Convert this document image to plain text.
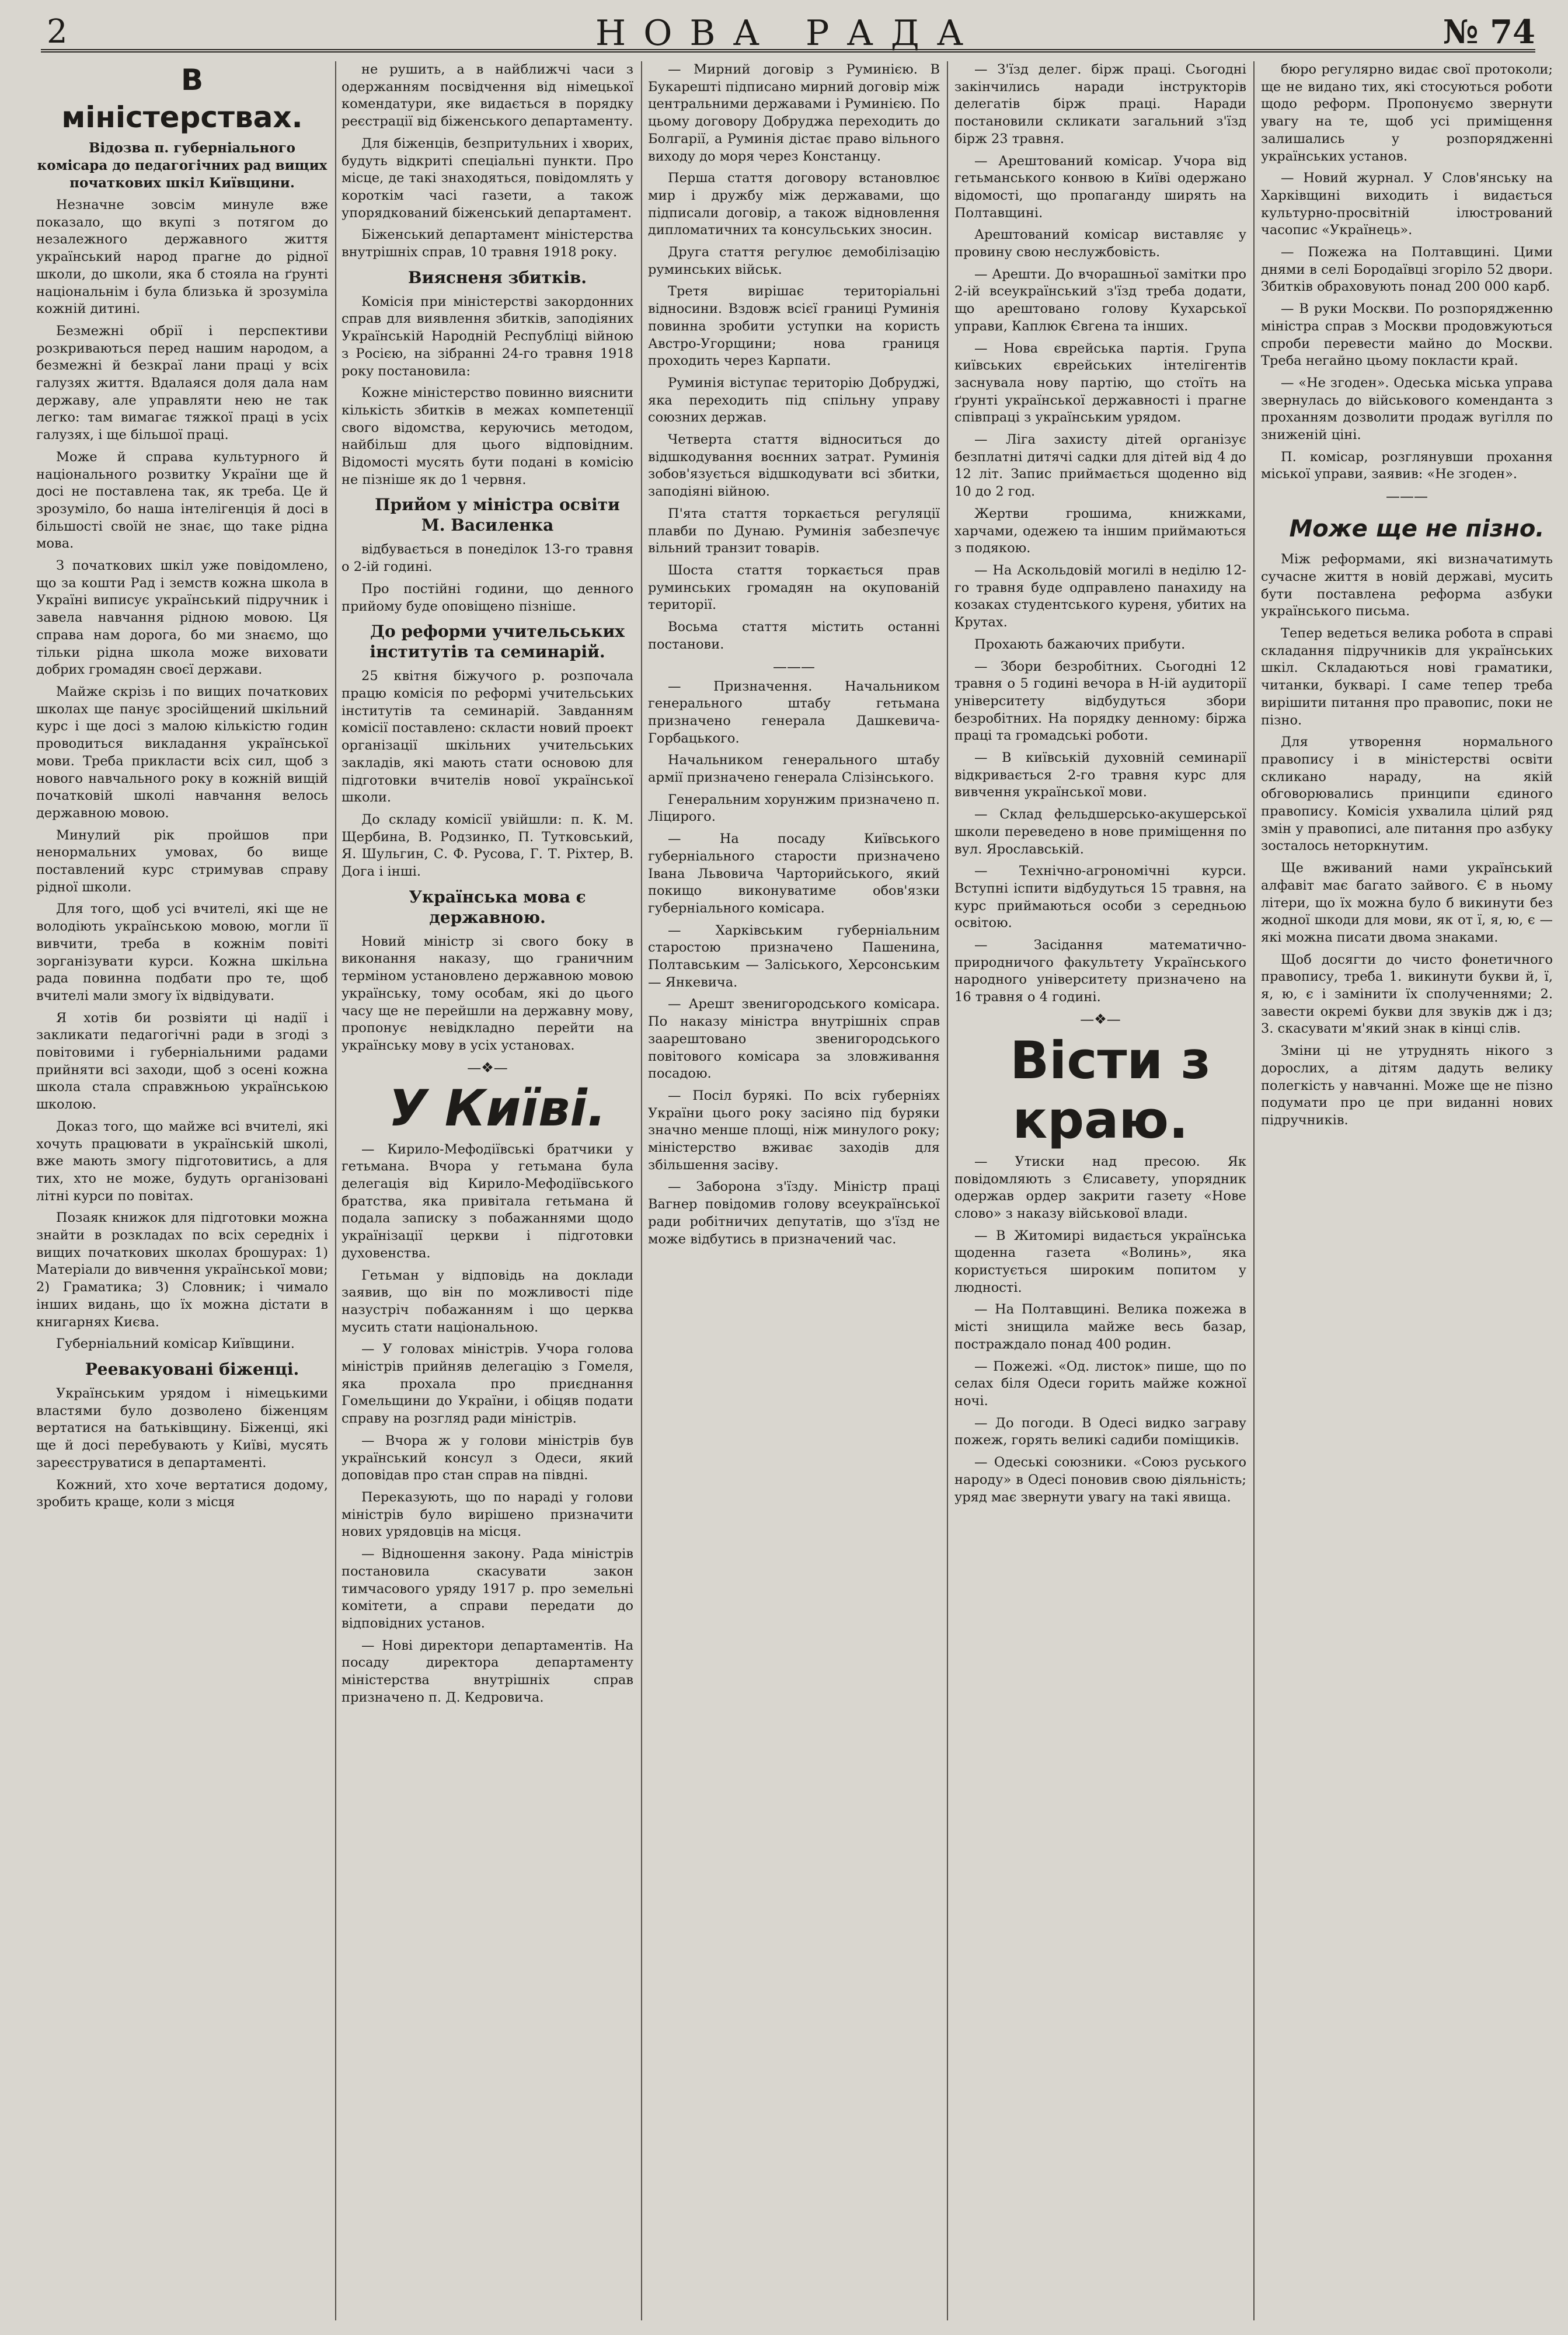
2	НОВА РАДА	№ 74
В міністерствах.
Відозва п. губерніального комісара до педагогічних рад вищих початкових шкіл Київщини.
Незначне зовсім минуле вже показало, що вкупі з потягом до незалежного державного життя український народ прагне до рідної школи, до школи, яка б стояла на ґрунті національнім і була близька й зрозуміла кожній дитині.
Безмежні обрії і перспективи розкриваються перед нашим народом, а безмежні й безкраї лани праці у всіх галузях життя. Вдалаяся доля дала нам державу, але управляти нею не так легко: там вимагає тяжкої праці в усіх галузях, і ще більшої праці.
Може й справа культурного й національного розвитку України ще й досі не поставлена так, як треба. Це й зрозуміло, бо наша інтелігенція й досі в більшості своїй не знає, що таке рідна мова.
З початкових шкіл уже повідомлено, що за кошти Рад і земств кожна школа в Україні виписує український підручник і завела навчання рідною мовою. Ця справа нам дорога, бо ми знаємо, що тільки рідна школа може виховати добрих громадян своєї держави.
Майже скрізь і по вищих початкових школах ще панує зросійщений шкільний курс і ще досі з малою кількістю годин проводиться викладання української мови. Треба прикласти всіх сил, щоб з нового навчального року в кожній вищій початковій школі навчання велось державною мовою.
Минулий рік пройшов при ненормальних умовах, бо вище поставлений курс стримував справу рідної школи.
Для того, щоб усі вчителі, які ще не володіють українською мовою, могли її вивчити, треба в кожнім повіті зорганізувати курси. Кожна шкільна рада повинна подбати про те, щоб вчителі мали змогу їх відвідувати.
Я хотів би розвіяти ці надії і закликати педагогічні ради в згоді з повітовими і губерніальними радами прийняти всі заходи, щоб з осені кожна школа стала справжньою українською школою.
Доказ того, що майже всі вчителі, які хочуть працювати в українській школі, вже мають змогу підготовитись, а для тих, хто не може, будуть організовані літні курси по повітах.
Позаяк книжок для підготовки можна знайти в розкладах по всіх середніх і вищих початкових школах брошурах: 1) Матеріали до вивчення української мови; 2) Граматика; 3) Словник; і чимало інших видань, що їх можна дістати в книгарнях Києва.
Губерніальний комісар Київщини.
Реевакуовані біженці.
Українським урядом і німецькими властями було дозволено біженцям вертатися на батьківщину. Біженці, які ще й досі перебувають у Київі, мусять зареєструватися в департаменті.
Кожний, хто хоче вертатися додому, зробить краще, коли з місця
не рушить, а в найближчі часи з одержанням посвідчення від німецької комендатури, яке видається в порядку реєстрації від біженського департаменту.
Для біженців, безпритульних і хворих, будуть відкриті спеціальні пункти. Про місце, де такі знаходяться, повідомлять у короткім часі газети, а також упорядкований біженський департамент.
Біженський департамент міністерства внутрішніх справ, 10 травня 1918 року.
Виясненя збитків.
Комісія при міністерстві закордонних справ для виявлення збитків, заподіяних Українській Народній Республіці війною з Росією, на зібранні 24-го травня 1918 року постановила:
Кожне міністерство повинно вияснити кількість збитків в межах компетенції свого відомства, керуючись методом, найбільш для цього відповідним. Відомості мусять бути подані в комісію не пізніше як до 1 червня.
Прийом у міністра освіти М. Василенка
відбувається в понеділок 13-го травня о 2-ій годині.
Про постійні години, що денного прийому буде оповіщено пізніше.
До реформи учительських інститутів та семинарій.
25 квітня біжучого р. розпочала працю комісія по реформі учительських інститутів та семинарій. Завданням комісії поставлено: скласти новий проект організації шкільних учительських закладів, які мають стати основою для підготовки вчителів нової української школи.
До складу комісії увійшли: п. К. М. Щербина, В. Родзинко, П. Тутковський, Я. Шульгин, С. Ф. Русова, Г. Т. Ріхтер, В. Дога і інші.
Українська мова є державною.
Новий міністр зі свого боку в виконання наказу, що граничним терміном установлено державною мовою українську, тому особам, які до цього часу ще не перейшли на державну мову, пропонує невідкладно перейти на українську мову в усіх установах.
—❖—
У Київі.
— Кирило-Мефодіївські братчики у гетьмана. Вчора у гетьмана була делегація від Кирило-Мефодіївського братства, яка привітала гетьмана й подала записку з побажаннями щодо українізації церкви і підготовки духовенства.
Гетьман у відповідь на доклади заявив, що він по можливості піде назустріч побажанням і що церква мусить стати національною.
— У головах міністрів. Учора голова міністрів прийняв делегацію з Гомеля, яка прохала про приєднання Гомельщини до України, і обіцяв подати справу на розгляд ради міністрів.
— Вчора ж у голови міністрів був український консул з Одеси, який доповідав про стан справ на півдні.
Переказують, що по нараді у голови міністрів було вирішено призначити нових урядовців на місця.
— Відношення закону. Рада міністрів постановила скасувати закон тимчасового уряду 1917 р. про земельні комітети, а справи передати до відповідних установ.
— Нові директори департаментів. На посаду директора департаменту міністерства внутрішніх справ призначено п. Д. Кедровича.
— Мирний договір з Руминією. В Букарешті підписано мирний договір між центральними державами і Руминією. По цьому договору Добруджа переходить до Болгарії, а Руминія дістає право вільного виходу до моря через Констанцу.
Перша стаття договору встановлює мир і дружбу між державами, що підписали договір, а також відновлення дипломатичних та консульських зносин.
Друга стаття регулює демобілізацію руминських військ.
Третя вирішає територіальні відносини. Вздовж всієї границі Руминія повинна зробити уступки на користь Австро-Угорщини; нова границя проходить через Карпати.
Руминія віступає територію Добруджі, яка переходить під спільну управу союзних держав.
Четверта стаття відноситься до відшкодування воєнних затрат. Руминія зобов'язується відшкодувати всі збитки, заподіяні війною.
П'ята стаття торкається регуляції плавби по Дунаю. Руминія забезпечує вільний транзит товарів.
Шоста стаття торкається прав руминських громадян на окупованій території.
Восьма стаття містить останні постанови.
———
— Призначення. Начальником генерального штабу гетьмана призначено генерала Дашкевича-Горбацького.
Начальником генерального штабу армії призначено генерала Слізінського.
Генеральним хорунжим призначено п. Ліцирого.
— На посаду Київського губерніального старости призначено Івана Львовича Чарторийського, який покищо виконуватиме обов'язки губерніального комісара.
— Харківським губерніальним старостою призначено Пашенина, Полтавським — Заліського, Херсонським — Янкевича.
— Арешт звенигородського комісара. По наказу міністра внутрішніх справ заарештовано звенигородського повітового комісара за зловживання посадою.
— Посіл бурякі. По всіх губерніях України цього року засіяно під буряки значно менше площі, ніж минулого року; міністерство вживає заходів для збільшення засіву.
— Заборона з'їзду. Міністр праці Вагнер повідомив голову всеукраїнської ради робітничих депутатів, що з'їзд не може відбутись в призначений час.
— З'їзд делег. бірж праці. Сьогодні закінчились наради інструкторів делегатів бірж праці. Наради постановили скликати загальний з'їзд бірж 23 травня.
— Арештований комісар. Учора від гетьманського конвою в Київі одержано відомості, що пропаганду ширять на Полтавщині.
Арештований комісар виставляє у провину свою неслужбовість.
— Арешти. До вчорашньої замітки про 2-ій всеукраїнський з'їзд треба додати, що арештовано голову Кухарської управи, Каплюк Євгена та інших.
— Нова єврейська партія. Група київських єврейських інтелігентів заснувала нову партію, що стоїть на ґрунті української державності і прагне співпраці з українським урядом.
— Ліга захисту дітей організує безплатні дитячі садки для дітей від 4 до 12 літ. Запис приймається щоденно від 10 до 2 год.
Жертви грошима, книжками, харчами, одежею та іншим приймаються з подякою.
— На Аскольдовій могилі в неділю 12-го травня буде одправлено панахиду на козаках студентського куреня, убитих на Крутах.
Прохають бажаючих прибути.
— Збори безробітних. Сьогодні 12 травня о 5 годині вечора в Н-ій аудиторії університету відбудуться збори безробітних. На порядку денному: біржа праці та громадські роботи.
— В київській духовній семинарії відкривається 2-го травня курс для вивчення української мови.
— Склад фельдшерсько-акушерської школи переведено в нове приміщення по вул. Ярославській.
— Технічно-агрономічні курси. Вступні іспити відбудуться 15 травня, на курс приймаються особи з середньою освітою.
— Засідання математично-природничого факультету Українського народного університету призначено на 16 травня о 4 годині.
—❖—
Вісти з краю.
— Утиски над пресою. Як повідомляють з Єлисавету, упорядник одержав ордер закрити газету «Нове слово» з наказу військової влади.
— В Житомирі видається українська щоденна газета «Волинь», яка користується широким попитом у людності.
— На Полтавщині. Велика пожежа в місті знищила майже весь базар, постраждало понад 400 родин.
— Пожежі. «Од. листок» пише, що по селах біля Одеси горить майже кожної ночі.
— До погоди. В Одесі видко заграву пожеж, горять великі садиби поміщиків.
— Одеські союзники. «Союз руського народу» в Одесі поновив свою діяльність; уряд має звернути увагу на такі явища.
бюро регулярно видає свої протоколи; ще не видано тих, які стосуються роботи щодо реформ. Пропонуємо звернути увагу на те, щоб усі приміщення залишались у розпорядженні українських установ.
— Новий журнал. У Слов'янську на Харківщині виходить і видається культурно-просвітній ілюстрований часопис «Українець».
— Пожежа на Полтавщині. Цими днями в селі Бородаївці згоріло 52 двори. Збитків обраховують понад 200 000 карб.
— В руки Москви. По розпорядженню міністра справ з Москви продовжуються спроби перевести майно до Москви. Треба негайно цьому покласти край.
— «Не згоден». Одеська міська управа звернулась до військового коменданта з проханням дозволити продаж вугілля по зниженій ціні.
П. комісар, розглянувши прохання міської управи, заявив: «Не згоден».
———
Може ще не пізно.
Між реформами, які визначатимуть сучасне життя в новій державі, мусить бути поставлена реформа азбуки українського письма.
Тепер ведеться велика робота в справі складання підручників для українських шкіл. Складаються нові граматики, читанки, букварі. І саме тепер треба вирішити питання про правопис, поки не пізно.
Для утворення нормального правопису і в міністерстві освіти скликано нараду, на якій обговорювались принципи єдиного правопису. Комісія ухвалила цілий ряд змін у правописі, але питання про азбуку зосталось неторкнутим.
Ще вживаний нами український алфавіт має багато зайвого. Є в ньому літери, що їх можна було б викинути без жодної шкоди для мови, як от ї, я, ю, є — які можна писати двома знаками.
Щоб досягти до чисто фонетичного правопису, треба 1. викинути букви й, ї, я, ю, є і замінити їх сполученнями; 2. завести окремі букви для звуків дж і дз; 3. скасувати м'який знак в кінці слів.
Зміни ці не утруднять нікого з дорослих, а дітям дадуть велику полегкість у навчанні. Може ще не пізно подумати про це при виданні нових підручників.
